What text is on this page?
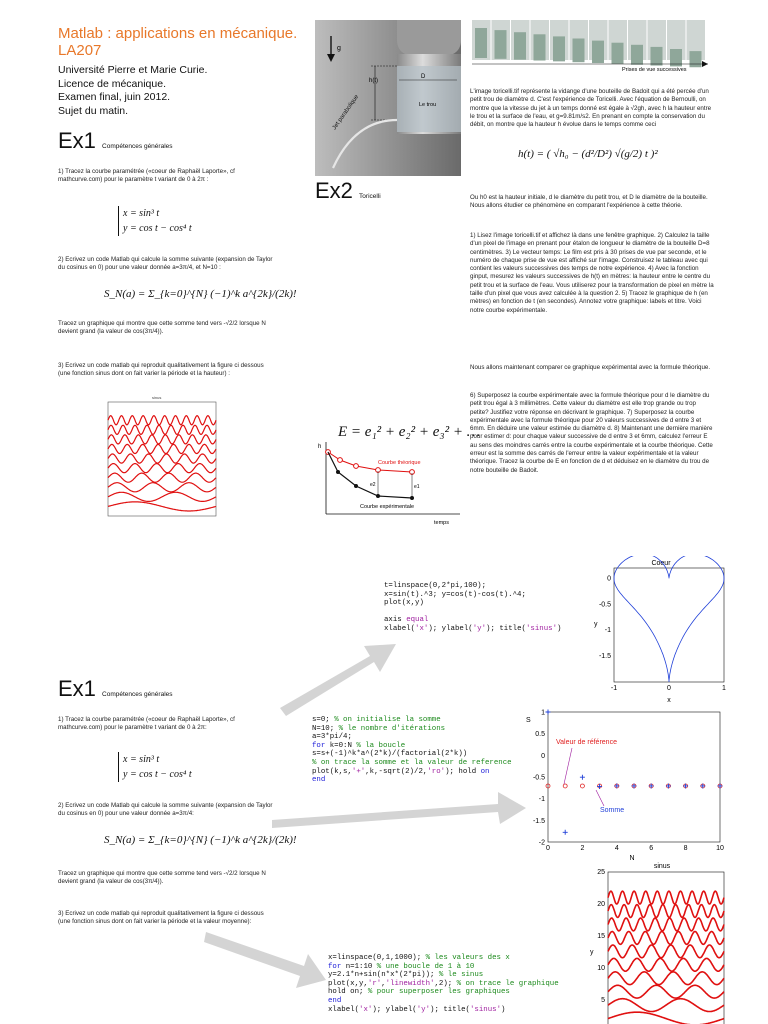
Matlab : applications en mécanique.
LA207
Université Pierre et Marie Curie.
Licence de mécanique.
Examen final, juin 2012.
Sujet du matin.
Ex1 Compétences générales
1) Tracez la courbe paramétrée («coeur de Raphaël Laporte», cf mathcurve.com) pour le paramètre t variant de 0 à 2π :
x = sin³ t
y = cos t − cos⁴ t
2) Ecrivez un code Matlab qui calcule la somme suivante (expansion de Taylor du cosinus en 0) pour une valeur donnée a=3π/4, et N=10 :
S_N(a) = Σ_{k=0}^{N} (−1)^k a^{2k}/(2k)!
Tracez un graphique qui montre que cette somme tend vers -√2/2 lorsque N devient grand (la valeur de cos(3π/4)).
3) Ecrivez un code matlab qui reproduit qualitativement la figure ci dessous (une fonction sinus dont on fait varier la période et la hauteur) :
sinus
g
h(t)
D
Le trou
Jet parabolique
Prises de vue successives
Ex2 Toricelli
L'image toricelli.tif représente la vidange d'une bouteille de Badoit qui a été percée d'un petit trou de diamètre d. C'est l'expérience de Toricelli. Avec l'équation de Bernoulli, on montre que la vitesse du jet à un temps donné est égale à √2gh, avec h la hauteur entre le trou et la surface de l'eau, et g=9.81m/s2. En prenant en compte la conservation du débit, on montre que la hauteur h évolue dans le temps comme ceci
h(t) = ( √h₀ − (d²/D²) √(g/2) t )²
Ou h0 est la hauteur initiale, d le diamètre du petit trou, et D le diamètre de la bouteille. Nous allons étudier ce phénomène en comparant l'expérience à cette théorie.
1) Lisez l'image toricelli.tif et affichez là dans une fenêtre graphique. 2) Calculez la taille d'un pixel de l'image en prenant pour étalon de longueur le diamètre de la bouteille D=8 centimètres. 3) Le vecteur temps: Le film est pris à 30 prises de vue par seconde, et le numéro de chaque prise de vue est affiché sur l'image. Construisez le tableau avec qui contient les valeurs successives des temps de notre expérience. 4) Avec la fonction ginput, mesurez les valeurs successives de h(t) en mètres: la hauteur entre le centre du petit trou et la surface de l'eau. Vous utiliserez pour la transformation de pixel en mètre la taille d'un pixel que vous avez calculée à la question 2. 5) Tracez le graphique de h (en mètres) en fonction de t (en secondes). Annotez votre graphique: labels et titre. Voici notre courbe expérimentale.
Nous allons maintenant comparer ce graphique expérimental avec la formule théorique.
6) Superposez la courbe expérimentale avec la formule théorique pour d le diamètre du petit trou égal à 3 millimètres. Cette valeur du diamètre est elle trop grande ou trop petite? Justifiez votre réponse en décrivant le graphique. 7) Superposez la courbe expérimentale avec la formule théorique pour 20 valeurs successives de d entre 3 et 6mm. En déduire une valeur estimée du diamètre d. 8) Maintenant une dernière manière pour estimer d: pour chaque valeur successive de d entre 3 et 6mm, calculez l'erreur E au sens des moindres carrés entre la courbe expérimentale et la courbe théorique. Cette erreur est la somme des carrés de l'erreur entre la valeur expérimentale et la valeur théorique. Tracez la courbe de E en fonction de d et déduisez en le diamètre du trou de notre bouteille de Badoit.
E = e₁² + e₂² + e₃² + …
h
temps
e2	e1
Courbe théorique
Courbe expérimentale
t=linspace(0,2*pi,100);
x=sin(t).^3; y=cos(t)-cos(t).^4;
plot(x,y)

axis equal
xlabel('x'); ylabel('y'); title('sinus')
Coeur
-1	0	1
0
-0.5
-1
-1.5
x
y
Ex1 Compétences générales
1) Tracez la courbe paramétrée («coeur de Raphaël Laporte», cf mathcurve.com) pour le paramètre t variant de 0 à 2π:
x = sin³ t
y = cos t − cos⁴ t
2) Ecrivez un code Matlab qui calcule la somme suivante (expansion de Taylor du cosinus en 0) pour une valeur donnée a=3π/4:
S_N(a) = Σ_{k=0}^{N} (−1)^k a^{2k}/(2k)!
Tracez un graphique qui montre que cette somme tend vers -√2/2 lorsque N devient grand (la valeur de cos(3π/4)).
3) Ecrivez un code matlab qui reproduit qualitativement la figure ci dessous (une fonction sinus dont on fait varier la période et la valeur moyenne):
s=0; % on initialise la somme
N=10; % le nombre d'itérations
a=3*pi/4;
for k=0:N % la boucle
s=s+(-1)^k*a^(2*k)/(factorial(2*k))
% on trace la somme et la valeur de reference
plot(k,s,'+',k,-sqrt(2)/2,'ro'); hold on
end
0	2	4	6	8	10
1
0.5
0
-0.5
-1
-1.5
-2
N
S
Valeur de référence
Somme
x=linspace(0,1,1000); % les valeurs des x
for n=1:10 % une boucle de 1 à 10
y=2.1*n+sin(n*x*(2*pi)); % le sinus
plot(x,y,'r','linewidth',2); % on trace le graphique
hold on; % pour superposer les graphiques
end
xlabel('x'); ylabel('y'); title('sinus')
sinus
25
20
15
10
5
y
